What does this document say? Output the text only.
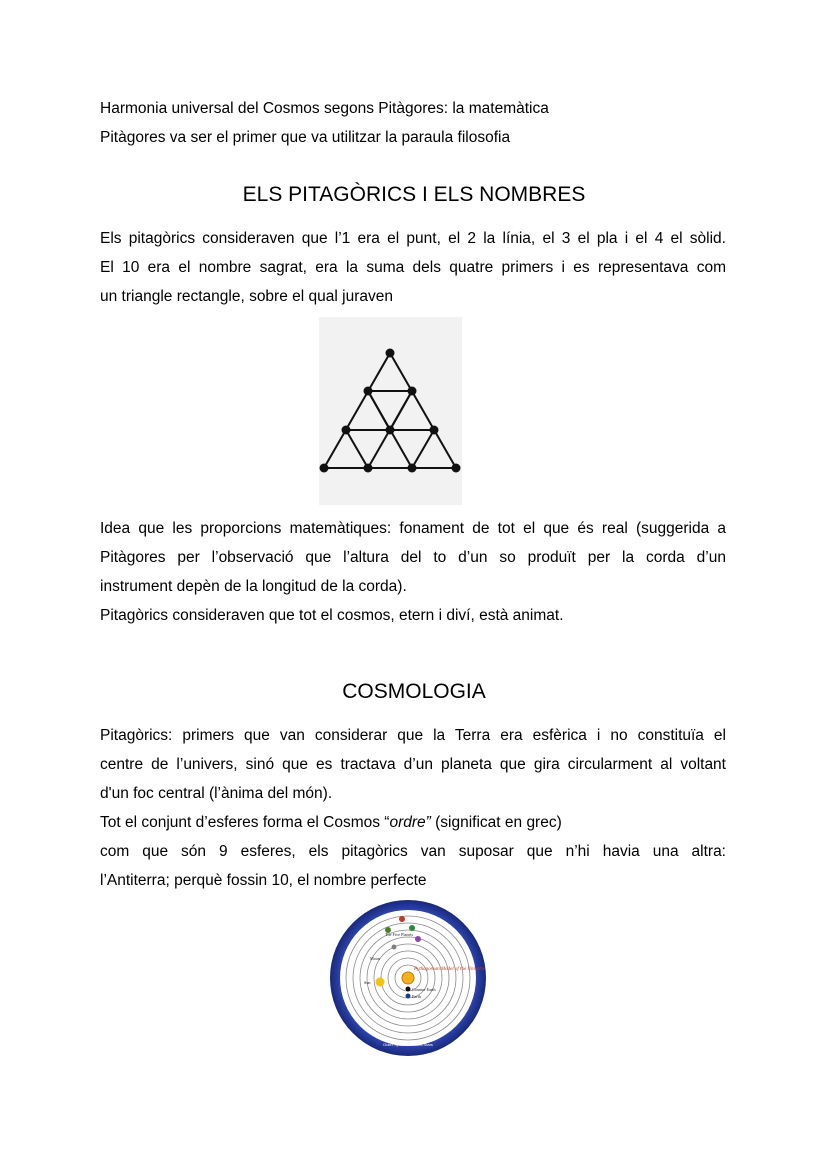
Harmonia universal del Cosmos segons Pitàgores: la matemàtica
Pitàgores va ser el primer que va utilitzar la paraula filosofia
ELS PITAGÒRICS I ELS NOMBRES
Els pitagòrics consideraven que l’1 era el punt, el 2 la línia, el 3 el pla i el 4 el sòlid.
El 10 era el nombre sagrat, era la suma dels quatre primers i es representava com
un triangle rectangle, sobre el qual juraven
Idea que les proporcions matemàtiques: fonament de tot el que és real (suggerida a
Pitàgores per l’observació que l’altura del to d’un so produït per la corda d’un
instrument depèn de la longitud de la corda).
Pitagòrics consideraven que tot el cosmos, etern i diví, està animat.
COSMOLOGIA
Pitagòrics: primers que van considerar que la Terra era esfèrica i no constituïa el
centre de l’univers, sinó que es tractava d’un planeta que gira circularment al voltant
d'un foc central (l’ànima del món).
Tot el conjunt d’esferes forma el Cosmos “ordre” (significat en grec)
com que són 9 esferes, els pitagòrics van suposar que n’hi havia una altra:
l’Antiterra; perquè fossin 10, el nombre perfecte
The Five Planets
Moon
Sun
Counter Earth
Earth
Pythagorean Model of the Universe
Outer Sphere of Fixed Stars
